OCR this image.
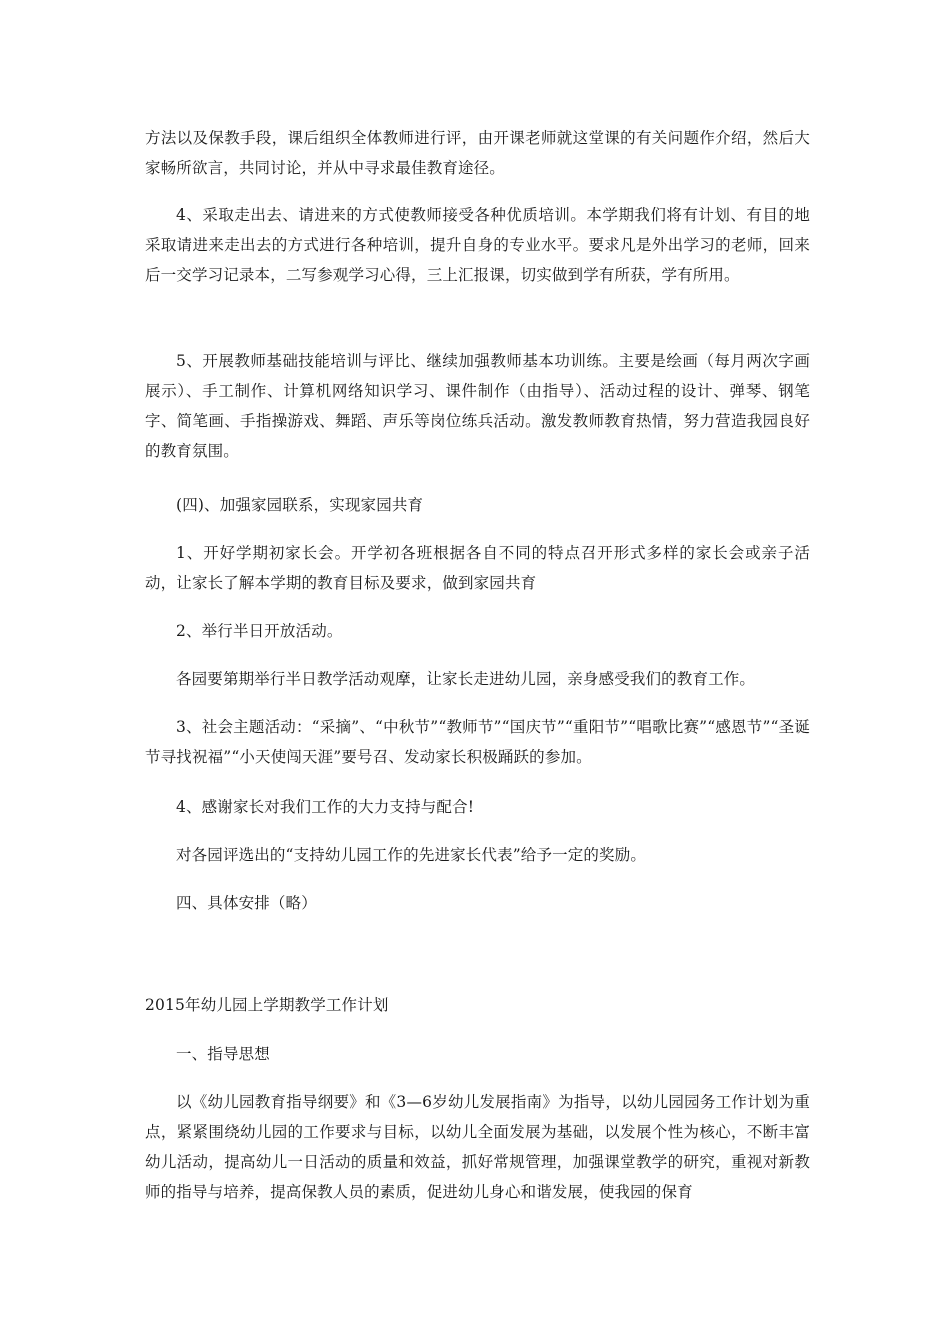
方法以及保教手段，课后组织全体教师进行评，由开课老师就这堂课的有关问题作介绍，然后大家畅所欲言，共同讨论，并从中寻求最佳教育途径。

4、采取走出去、请进来的方式使教师接受各种优质培训。本学期我们将有计划、有目的地采取请进来走出去的方式进行各种培训，提升自身的专业水平。要求凡是外出学习的老师，回来后一交学习记录本，二写参观学习心得，三上汇报课，切实做到学有所获，学有所用。

5、开展教师基础技能培训与评比、继续加强教师基本功训练。主要是绘画（每月两次字画展示）、手工制作、计算机网络知识学习、课件制作（由指导）、活动过程的设计、弹琴、钢笔字、简笔画、手指操游戏、舞蹈、声乐等岗位练兵活动。激发教师教育热情，努力营造我园良好的教育氛围。

(四)、加强家园联系，实现家园共育

1、开好学期初家长会。开学初各班根据各自不同的特点召开形式多样的家长会或亲子活动，让家长了解本学期的教育目标及要求，做到家园共育

2、举行半日开放活动。

各园要第期举行半日教学活动观摩，让家长走进幼儿园，亲身感受我们的教育工作。

3、社会主题活动：“采摘”、“中秋节”“教师节”“国庆节”“重阳节”“唱歌比赛”“感恩节”“圣诞节寻找祝福”“小天使闯天涯”要号召、发动家长积极踊跃的参加。

4、感谢家长对我们工作的大力支持与配合!

对各园评选出的“支持幼儿园工作的先进家长代表”给予一定的奖励。

四、具体安排（略）

2015年幼儿园上学期教学工作计划

一、指导思想

以《幼儿园教育指导纲要》和《3—6岁幼儿发展指南》为指导，以幼儿园园务工作计划为重点，紧紧围绕幼儿园的工作要求与目标，以幼儿全面发展为基础，以发展个性为核心，不断丰富幼儿活动，提高幼儿一日活动的质量和效益，抓好常规管理，加强课堂教学的研究，重视对新教师的指导与培养，提高保教人员的素质，促进幼儿身心和谐发展，使我园的保育
